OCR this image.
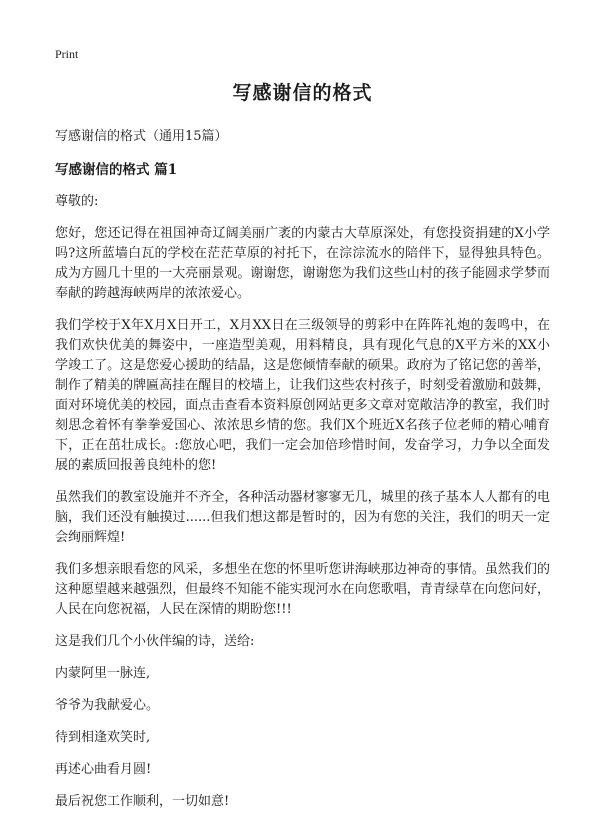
Print
写感谢信的格式
写感谢信的格式（通用15篇）
写感谢信的格式 篇1

尊敬的:

您好，您还记得在祖国神奇辽阔美丽广袤的内蒙古大草原深处，有您投资捐建的X小学吗?这所蓝墙白瓦的学校在茫茫草原的衬托下，在淙淙流水的陪伴下，显得独具特色。成为方圆几十里的一大亮丽景观。谢谢您，谢谢您为我们这些山村的孩子能圆求学梦而奉献的跨越海峡两岸的浓浓爱心。

我们学校于X年X月X日开工，X月XX日在三级领导的剪彩中在阵阵礼炮的轰鸣中，在我们欢快优美的舞姿中，一座造型美观，用料精良，具有现化气息的X平方米的XX小学竣工了。这是您爱心援助的结晶，这是您倾情奉献的硕果。政府为了铭记您的善举，制作了精美的牌匾高挂在醒目的校墙上，让我们这些农村孩子，时刻受着激励和鼓舞，面对环境优美的校园，面点击查看本资料原创网站更多文章对宽敞洁净的教室，我们时刻思念着怀有拳拳爱国心、浓浓思乡情的您。我们X个班近X名孩子位老师的精心哺育下，正在茁壮成长。:您放心吧，我们一定会加倍珍惜时间，发奋学习，力争以全面发展的素质回报善良纯朴的您!

虽然我们的教室设施并不齐全，各种活动器材寥寥无几，城里的孩子基本人人都有的电脑，我们还没有触摸过......但我们想这都是暂时的，因为有您的关注，我们的明天一定会绚丽辉煌!

我们多想亲眼看您的风采，多想坐在您的怀里听您讲海峡那边神奇的事情。虽然我们的这种愿望越来越强烈，但最终不知能不能实现河水在向您歌唱，青青绿草在向您问好，人民在向您祝福，人民在深情的期盼您!!!

这是我们几个小伙伴编的诗，送给:

内蒙阿里一脉连,

爷爷为我献爱心。

待到相逢欢笑时,

再述心曲看月圆!

最后祝您工作顺利，一切如意!
